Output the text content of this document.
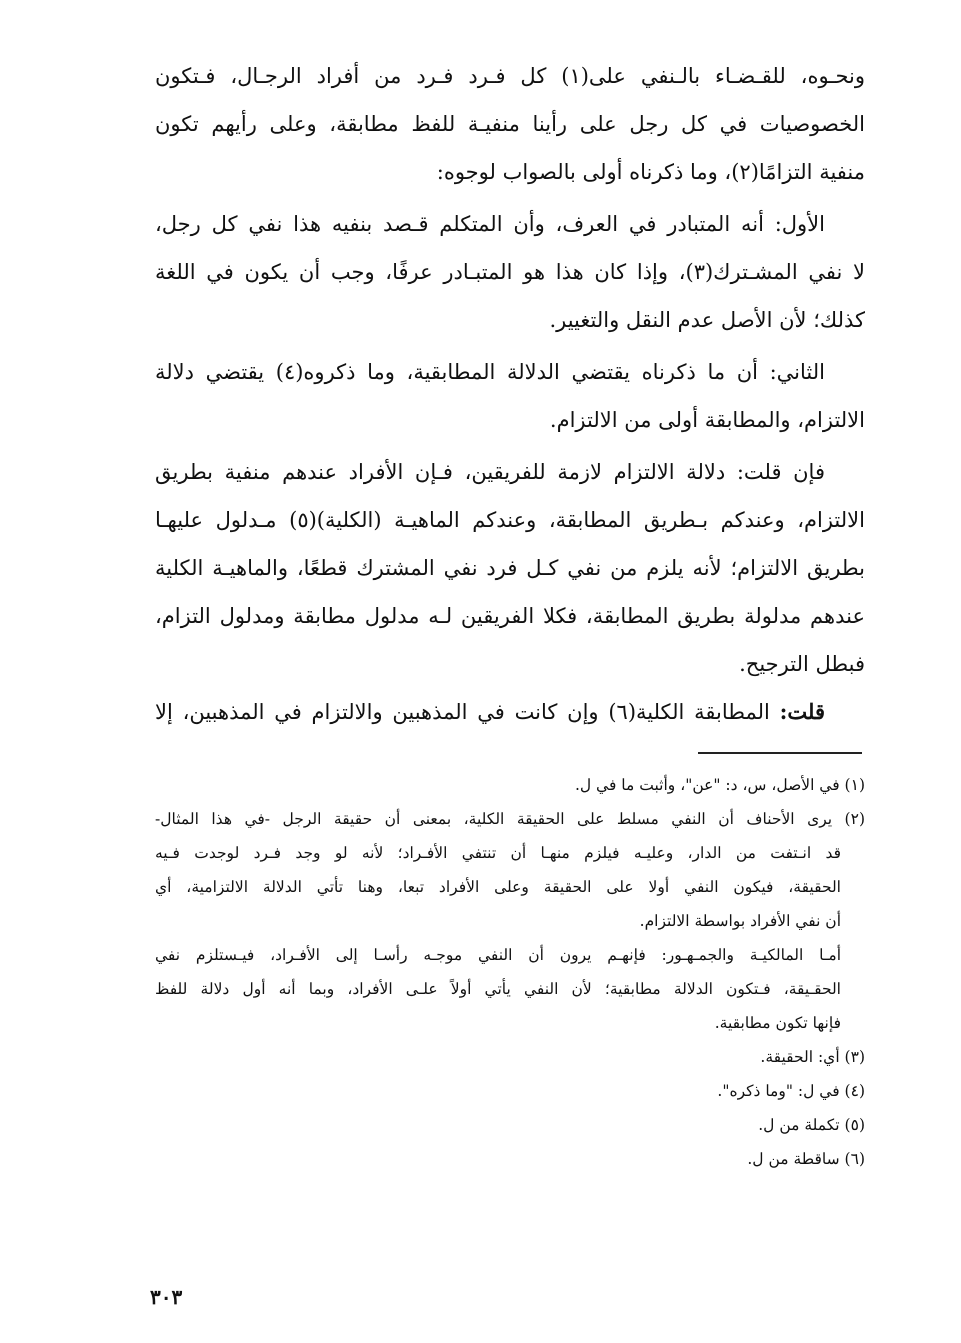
ونحـوه، للقـضـاء بالـنفي على(١) كل فـرد فـرد من أفراد الرجـال، فـتكون
الخصوصيات في كل رجل على رأينا منفيـة للفظ مطابقة، وعلى رأيهم تكون
منفية التزامًا(٢)، وما ذكرناه أولى بالصواب لوجوه:
الأول: أنه المتبادر في العرف، وأن المتكلم قـصد بنفيه هذا نفي كل رجل،
لا نفي المشـترك(٣)، وإذا كان هذا هو المتبـادر عرفًا، وجب أن يكون في اللغة
كذلك؛ لأن الأصل عدم النقل والتغيير.
الثاني: أن ما ذكرناه يقتضي الدلالة المطابقية، وما ذكروه(٤) يقتضي دلالة
الالتزام، والمطابقة أولى من الالتزام.
فإن قلت: دلالة الالتزام لازمة للفريقين، فـإن الأفراد عندهم منفية بطريق
الالتزام، وعندكم بـطريق المطابقة، وعندكم الماهيـة (الكلية)(٥) مـدلول عليهـا
بطريق الالتزام؛ لأنه يلزم من نفي كـل فرد نفي المشترك قطعًا، والماهيـة الكلية
عندهم مدلولة بطريق المطابقة، فكلا الفريقين لـه مدلول مطابقة ومدلول التزام،
فبطل الترجيح.
قلت: المطابقة الكلية(٦) وإن كانت في المذهبين والالتزام في المذهبين، إلا
(١) في الأصل، س، د: "عن"، وأثبت ما في ل.
(٢) يرى الأحناف أن النفي مسلط على الحقيقة الكلية، بمعنى أن حقيقة الرجل -في هذا المثال-
قد انـتفت من الدار، وعليـه فيلزم منهـا أن تنتفي الأفـراد؛ لأنه لو وجد فـرد لوجدت فـيه
الحقيقة، فيكون النفي أولا على الحقيقة وعلى الأفراد تبعا، وهنا تأتي الدلالة الالتزامية، أي
أن نفي الأفراد بواسطة الالتزام.
أمـا المالكيـة والجمـهـور: فإنهـم يرون أن النفي موجـه رأسـا إلى الأفـراد، فيـستلزم نفي
الحقـيقة، فـتكون الدلالة مطابقية؛ لأن النفي يأتي أولاً علـى الأفراد، وبما أنه أول دلالة للفظ
فإنها تكون مطابقية.
(٣) أي: الحقيقة.
(٤) في ل: "وما ذكره".
(٥) تكملة من ل.
(٦) ساقطة من ل.
٣٠٣
